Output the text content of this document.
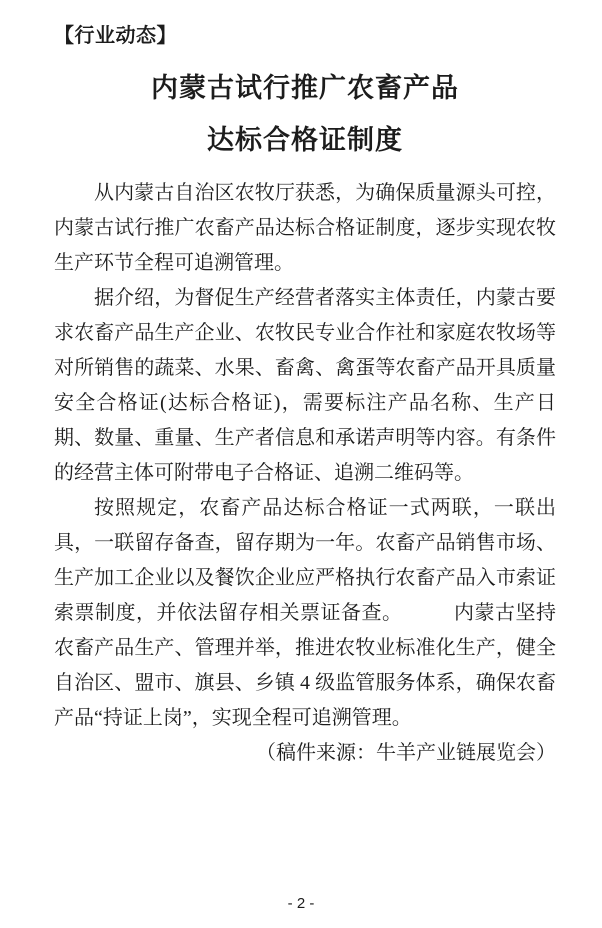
【行业动态】
内蒙古试行推广农畜产品
达标合格证制度

从内蒙古自治区农牧厅获悉，为确保质量源头可控，内蒙古试行推广农畜产品达标合格证制度，逐步实现农牧生产环节全程可追溯管理。

据介绍，为督促生产经营者落实主体责任，内蒙古要求农畜产品生产企业、农牧民专业合作社和家庭农牧场等对所销售的蔬菜、水果、畜禽、禽蛋等农畜产品开具质量安全合格证(达标合格证)，需要标注产品名称、生产日期、数量、重量、生产者信息和承诺声明等内容。有条件的经营主体可附带电子合格证、追溯二维码等。

按照规定，农畜产品达标合格证一式两联，一联出具，一联留存备查，留存期为一年。农畜产品销售市场、生产加工企业以及餐饮企业应严格执行农畜产品入市索证索票制度，并依法留存相关票证备查。　　　内蒙古坚持农畜产品生产、管理并举，推进农牧业标准化生产，健全自治区、盟市、旗县、乡镇 4 级监管服务体系，确保农畜产品“持证上岗”，实现全程可追溯管理。

（稿件来源：牛羊产业链展览会）
- 2 -
